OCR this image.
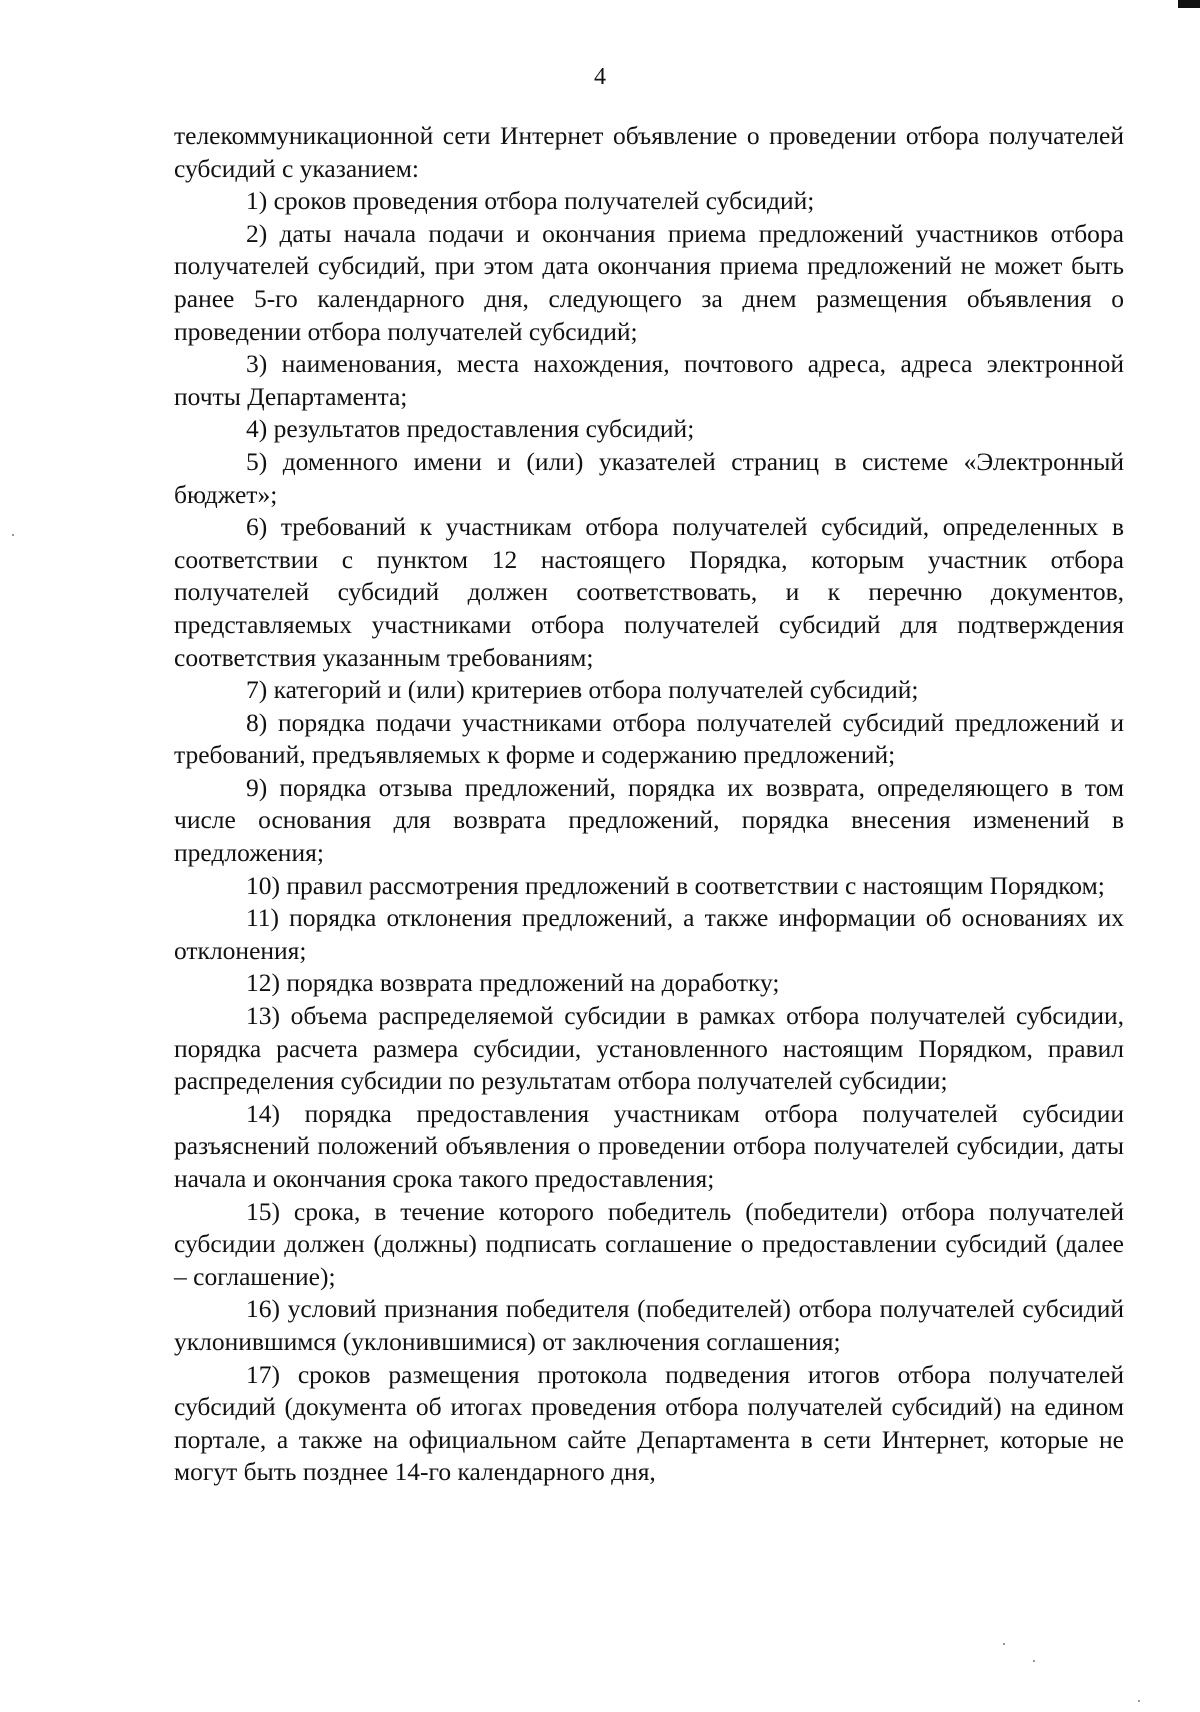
4

телекоммуникационной сети Интернет объявление о проведении отбора получателей субсидий с указанием:

1) сроков проведения отбора получателей субсидий;

2) даты начала подачи и окончания приема предложений участников отбора получателей субсидий, при этом дата окончания приема предложений не может быть ранее 5-го календарного дня, следующего за днем размещения объявления о проведении отбора получателей субсидий;

3) наименования, места нахождения, почтового адреса, адреса электронной почты Департамента;

4) результатов предоставления субсидий;

5) доменного имени и (или) указателей страниц в системе «Электронный бюджет»;

6) требований к участникам отбора получателей субсидий, определенных в соответствии с пунктом 12 настоящего Порядка, которым участник отбора получателей субсидий должен соответствовать, и к перечню документов, представляемых участниками отбора получателей субсидий для подтверждения соответствия указанным требованиям;

7) категорий и (или) критериев отбора получателей субсидий;

8) порядка подачи участниками отбора получателей субсидий предложений и требований, предъявляемых к форме и содержанию предложений;

9) порядка отзыва предложений, порядка их возврата, определяющего в том числе основания для возврата предложений, порядка внесения изменений в предложения;

10) правил рассмотрения предложений в соответствии с настоящим Порядком;

11) порядка отклонения предложений, а также информации об основаниях их отклонения;

12) порядка возврата предложений на доработку;

13) объема распределяемой субсидии в рамках отбора получателей субсидии, порядка расчета размера субсидии, установленного настоящим Порядком, правил распределения субсидии по результатам отбора получателей субсидии;

14) порядка предоставления участникам отбора получателей субсидии разъяснений положений объявления о проведении отбора получателей субсидии, даты начала и окончания срока такого предоставления;

15) срока, в течение которого победитель (победители) отбора получателей субсидии должен (должны) подписать соглашение о предоставлении субсидий (далее – соглашение);

16) условий признания победителя (победителей) отбора получателей субсидий уклонившимся (уклонившимися) от заключения соглашения;

17) сроков размещения протокола подведения итогов отбора получателей субсидий (документа об итогах проведения отбора получателей субсидий) на едином портале, а также на официальном сайте Департамента в сети Интернет, которые не могут быть позднее 14-го календарного дня,
